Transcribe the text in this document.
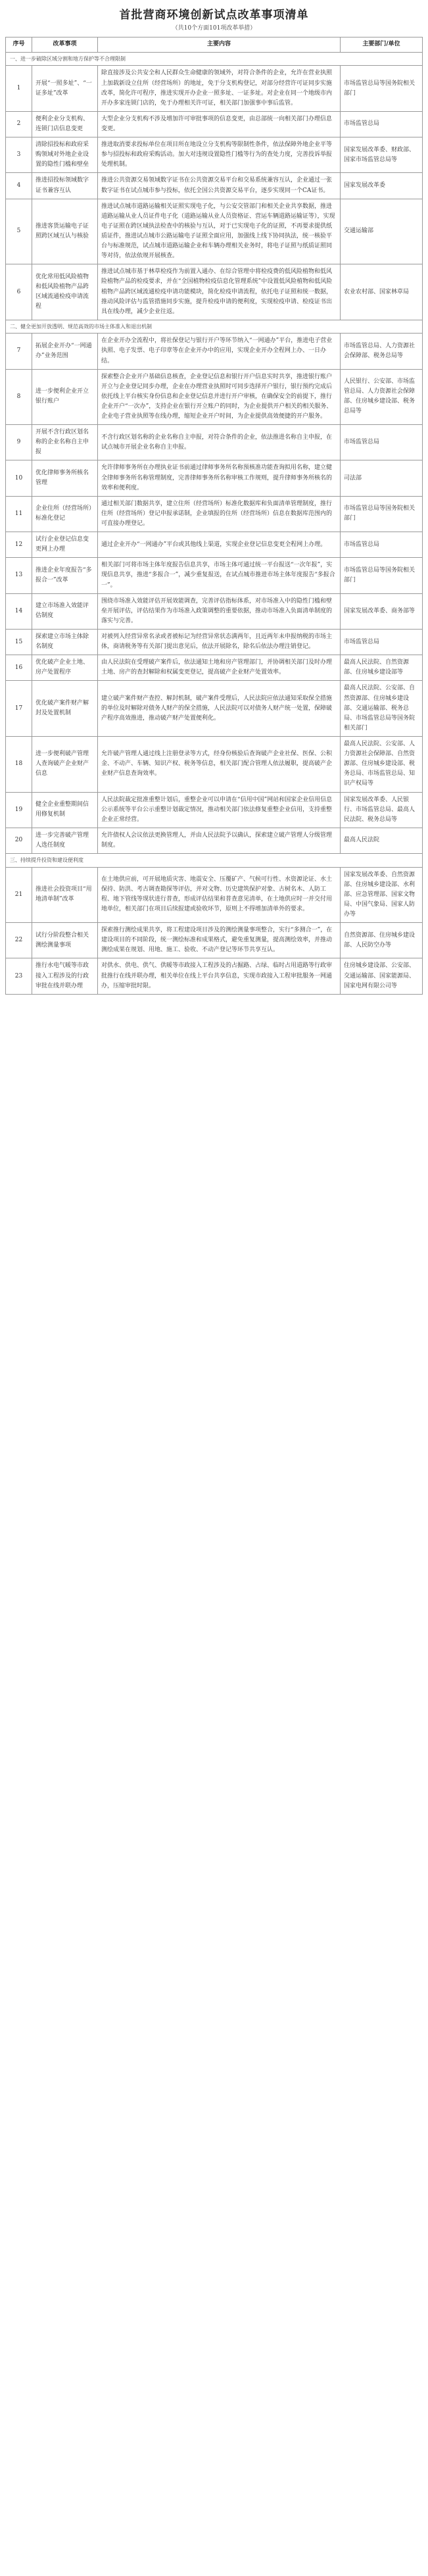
首批营商环境创新试点改革事项清单
（共10个方面101项改革举措）
序号	改革事项	主要内容	主要部门/单位
一、进一步破除区域分割和地方保护等不合理限制			
1	开展“一照多址”、“一证多址”改革	除直接涉及公共安全和人民群众生命健康的领域外，对符合条件的企业，允许在营业执照上加载新设立住所（经营场所）的地址，免于分支机构登记，对部分经营许可证同步实施改革，简化许可程序，推进实现开办企业一照多址、一证多址。对企业在同一个地级市内开办多家连锁门店的，免于办理相关许可证，相关部门加强事中事后监管。	市场监管总局等国务院相关部门
2	便利企业分支机构、连锁门店信息变更	大型企业分支机构不涉及增加许可审批事项的信息变更，由总部统一向相关部门办理信息变更。	市场监管总局
3	清除招投标和政府采购领域对外地企业设置的隐性门槛和壁垒	推进取消要求投标单位在项目所在地设立分支机构等限制性条件，依法保障外地企业平等参与招投标和政府采购活动。加大对违规设置隐性门槛等行为的查处力度，完善投诉举报处理机制。	国家发展改革委、财政部、国家市场监管总局等
4	推进招投标领域数字证书兼容互认	推进公共资源交易领域数字证书在公共资源交易平台和交易系统兼容互认，企业通过一张数字证书在试点城市参与投标，依托全国公共资源交易平台，逐步实现同一个CA证书。	国家发展改革委
5	推进客货运输电子证照跨区域互认与核验	推进试点城市道路运输相关证照实现电子化，与公安交管部门和相关企业共享数据，推进道路运输从业人员证件电子化（道路运输从业人员资格证、营运车辆道路运输证等），实现电子证照在跨区域执法检查中的核验与互认，对于已实现电子化的证照，不再要求提供纸质证件，推进试点城市公路运输电子证照全面应用，加强线上线下协同执法，统一核验平台与标准规范，试点城市道路运输企业和车辆办理相关业务时，将电子证照与纸质证照同等对待，依法依规开展核查。	交通运输部
6	优化常用低风险植物和低风险植物产品跨区域流通检疫申请流程	推进试点城市基于林草检疫作为前置入通办、在综合管理中将检疫费的低风险植物和低风险植物产品的检疫要求，并在“全国植物检疫信息化管理系统”中设置低风险植物和低风险植物产品跨区域流通检疫申请功能模块，简化检疫申请流程，依托电子证照和统一数据，推动风险评估与监管措施同步实施，提升检疫申请的便利度，实现检疫申请、检疫证书出具在线办理，减少企业往返。	农业农村部、国家林草局
二、健全更加开放透明、规范高效的市场主体准入和退出机制			
7	拓展企业开办“一网通办”业务范围	在企业开办全流程中，将社保登记与银行开户等环节纳入“一网通办”平台，推进电子营业执照、电子发票、电子印章等在企业开办中的应用，实现企业开办全程网上办、一日办结。	市场监管总局、人力资源社会保障部、税务总局等
8	进一步便利企业开立银行账户	探索整合企业开户基础信息核查，企业登记信息和银行开户信息实时共享，推进银行账户开立与企业登记同步办理，企业在办理营业执照时可同步选择开户银行，银行预约完成后依托线上平台核实身份信息和企业登记信息并进行开户审核，在确保安全的前提下，推行企业开户“一次办”，支持企业在银行开立账户的同时，为企业提供开户相关的相关服务、企业电子营业执照等在线办理，缩短企业开户时间，为企业提供高效便捷的开户服务。	人民银行、公安部、市场监管总局、人力资源社会保障部、住房城乡建设部、税务总局等
9	开展不含行政区划名称的企业名称自主申报	不含行政区划名称的企业名称自主申报，对符合条件的企业，依法推进名称自主申报，在试点城市开展企业名称自主申报。	市场监管总局
10	优化律师事务所核名管理	允许律师事务所在办理执业证书前通过律师事务所名称预核准功能查询拟用名称，建立健全律师事务所名称管理制度，完善律师事务所名称审核工作规则，提升律师事务所核名的效率和便利度。	司法部
11	企业住所（经营场所）标准化登记	通过相关部门数据共享，建立住所（经营场所）标准化数据库和负面清单管理制度，推行住所（经营场所）登记申报承诺制，企业填报的住所（经营场所）信息在数据库范围内的可直接办理登记。	市场监管总局等国务院相关部门
12	试行企业登记信息变更网上办理	通过企业开办“一网通办”平台或其他线上渠道，实现企业登记信息变更全程网上办理。	市场监管总局
13	推进企业年度报告“多报合一”改革	相关部门可将市场主体年度报告信息共享，市场主体可通过统一平台报送“一次年报”，实现信息共享，推进“多报合一”，减少重复报送，在试点城市推进市场主体年度报告“多报合一”。	市场监管总局等国务院相关部门
14	建立市场准入效能评估制度	围绕市场准入效能评估开展效能调查，完善评估指标体系，对市场准入中的隐性门槛和壁垒开展评估，评估结果作为市场准入政策调整的重要依据，推动市场准入负面清单制度的落实与完善。	国家发展改革委、商务部等
15	探索建立市场主体除名制度	对被列入经营异常名录或者被标记为经营异常状态满两年，且近两年未申报纳税的市场主体，商请税务等有关部门提出意见后，依法开展除名，除名后依法办理注销登记。	市场监管总局
16	优化破产企业土地、房产处置程序	由人民法院在受理破产案件后，依法通知土地和房产管理部门，并协调相关部门及时办理土地、房产的查封解除和权属变更登记，提高破产企业财产处置效率。	最高人民法院、自然资源部、住房城乡建设部等
17	优化破产案件财产解封及处置机制	建立破产案件财产查控、解封机制，破产案件受理后，人民法院应依法通知采取保全措施的单位及时解除对债务人财产的保全措施，人民法院可以对债务人财产统一处置，保障破产程序高效推进，推动破产财产处置便利化。	最高人民法院、公安部、自然资源部、住房城乡建设部、交通运输部、税务总局、市场监管总局等国务院相关部门
18	进一步便利破产管理人查询破产企业财产信息	允许破产管理人通过线上注册登录等方式，经身份核验后查询破产企业社保、医保、公积金、不动产、车辆、知识产权、税务等信息，相关部门配合管理人依法履职，提高破产企业财产信息查询效率。	最高人民法院、公安部、人力资源社会保障部、自然资源部、住房城乡建设部、税务总局、市场监管总局、知识产权局等
19	健全企业重整期间信用修复机制	人民法院裁定批准重整计划后，重整企业可以申请在“信用中国”网站和国家企业信用信息公示系统等平台公示重整计划裁定情况，推动相关部门依法修复重整企业信用，支持重整企业正常经营。	国家发展改革委、人民银行、市场监管总局、最高人民法院、税务总局等
20	进一步完善破产管理人选任制度	允许债权人会议依法更换管理人，并由人民法院予以确认，探索建立破产管理人分级管理制度。	最高人民法院
三、持续提升投资和建设便利度			
21	推进社会投资项目“用地清单制”改革	在土地供应前，可开展地质灾害、地震安全、压覆矿产、气候可行性、水资源论证、水土保持、防洪、考古调查勘探等评估，并对文物、历史建筑保护对象、古树名木、人防工程、地下管线等现状进行普查，形成评估结果和普查意见清单，在土地供应时一并交付用地单位，相关部门在项目后续报建或验收环节，原则上不得增加清单外的要求。	国家发展改革委、自然资源部、住房城乡建设部、水利部、应急管理部、国家文物局、中国气象局、国家人防办等
22	试行分阶段整合相关测绘测量事项	探索推行测绘成果共享，将工程建设项目涉及的测绘测量事项整合，实行“多测合一”，在建设项目的不同阶段，统一测绘标准和成果格式，避免重复测量，提高测绘效率，并推动测绘成果在规划、用地、施工、验收、不动产登记等环节共享互认。	自然资源部、住房城乡建设部、人民防空办等
23	推行水电气暖等市政接入工程涉及的行政审批在线并联办理	对供水、供电、供气、供暖等市政接入工程涉及的占掘路、占绿、临时占用道路等行政审批推行在线并联办理，相关单位在线上平台共享信息，实现市政接入工程审批服务一网通办，压缩审批时限。	住房城乡建设部、公安部、交通运输部、国家能源局、国家电网有限公司等
